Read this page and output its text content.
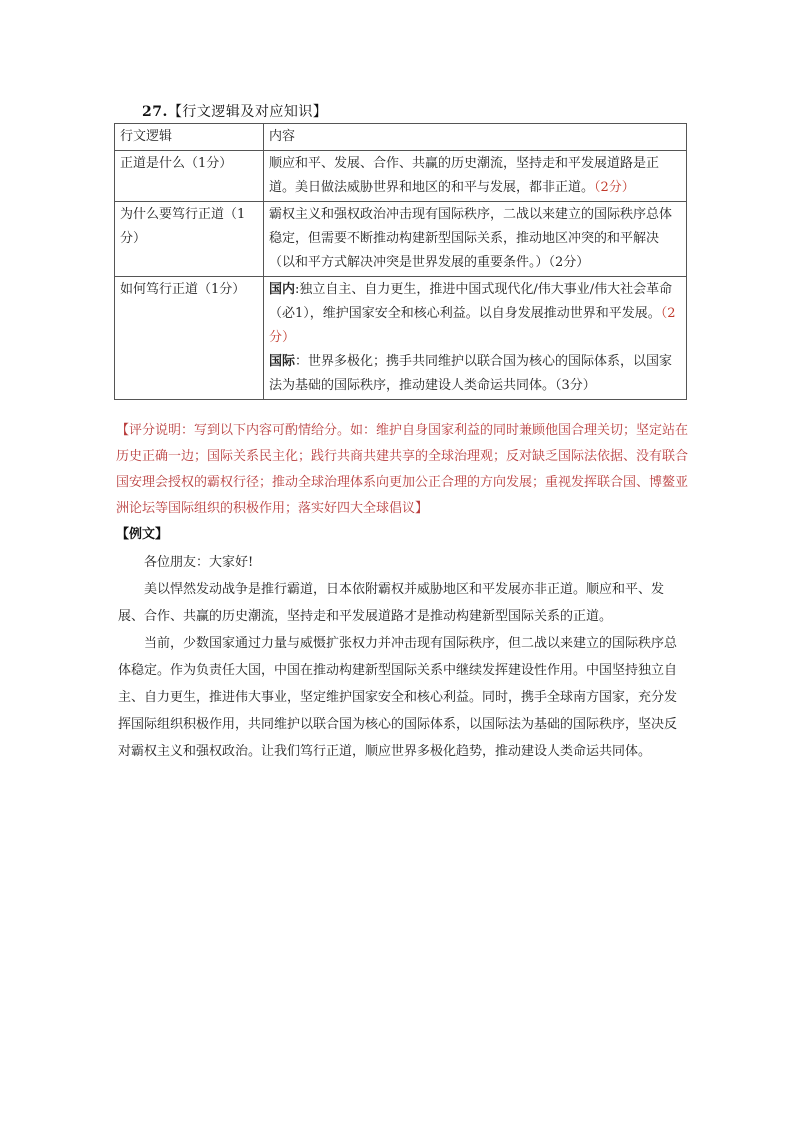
27.【行文逻辑及对应知识】
行文逻辑	内容
正道是什么（1分）	顺应和平、发展、合作、共赢的历史潮流，坚持走和平发展道路是正道。美日做法威胁世界和地区的和平与发展，都非正道。（2分）
为什么要笃行正道（1分）	霸权主义和强权政治冲击现有国际秩序，二战以来建立的国际秩序总体稳定，但需要不断推动构建新型国际关系，推动地区冲突的和平解决（以和平方式解决冲突是世界发展的重要条件。）（2分）
如何笃行正道（1分）	国内:独立自主、自力更生，推进中国式现代化/伟大事业/伟大社会革命（必1），维护国家安全和核心利益。以自身发展推动世界和平发展。（2分）
国际：世界多极化；携手共同维护以联合国为核心的国际体系，以国家法为基础的国际秩序，推动建设人类命运共同体。（3分）
【评分说明：写到以下内容可酌情给分。如：维护自身国家利益的同时兼顾他国合理关切；坚定站在历史正确一边；国际关系民主化；践行共商共建共享的全球治理观；反对缺乏国际法依据、没有联合国安理会授权的霸权行径；推动全球治理体系向更加公正合理的方向发展；重视发挥联合国、博鳌亚洲论坛等国际组织的积极作用；落实好四大全球倡议】
【例文】

各位朋友：大家好!

美以悍然发动战争是推行霸道，日本依附霸权并威胁地区和平发展亦非正道。顺应和平、发展、合作、共赢的历史潮流，坚持走和平发展道路才是推动构建新型国际关系的正道。

当前，少数国家通过力量与威慑扩张权力并冲击现有国际秩序，但二战以来建立的国际秩序总体稳定。作为负责任大国，中国在推动构建新型国际关系中继续发挥建设性作用。中国坚持独立自主、自力更生，推进伟大事业，坚定维护国家安全和核心利益。同时，携手全球南方国家，充分发挥国际组织积极作用，共同维护以联合国为核心的国际体系，以国际法为基础的国际秩序，坚决反对霸权主义和强权政治。让我们笃行正道，顺应世界多极化趋势，推动建设人类命运共同体。
